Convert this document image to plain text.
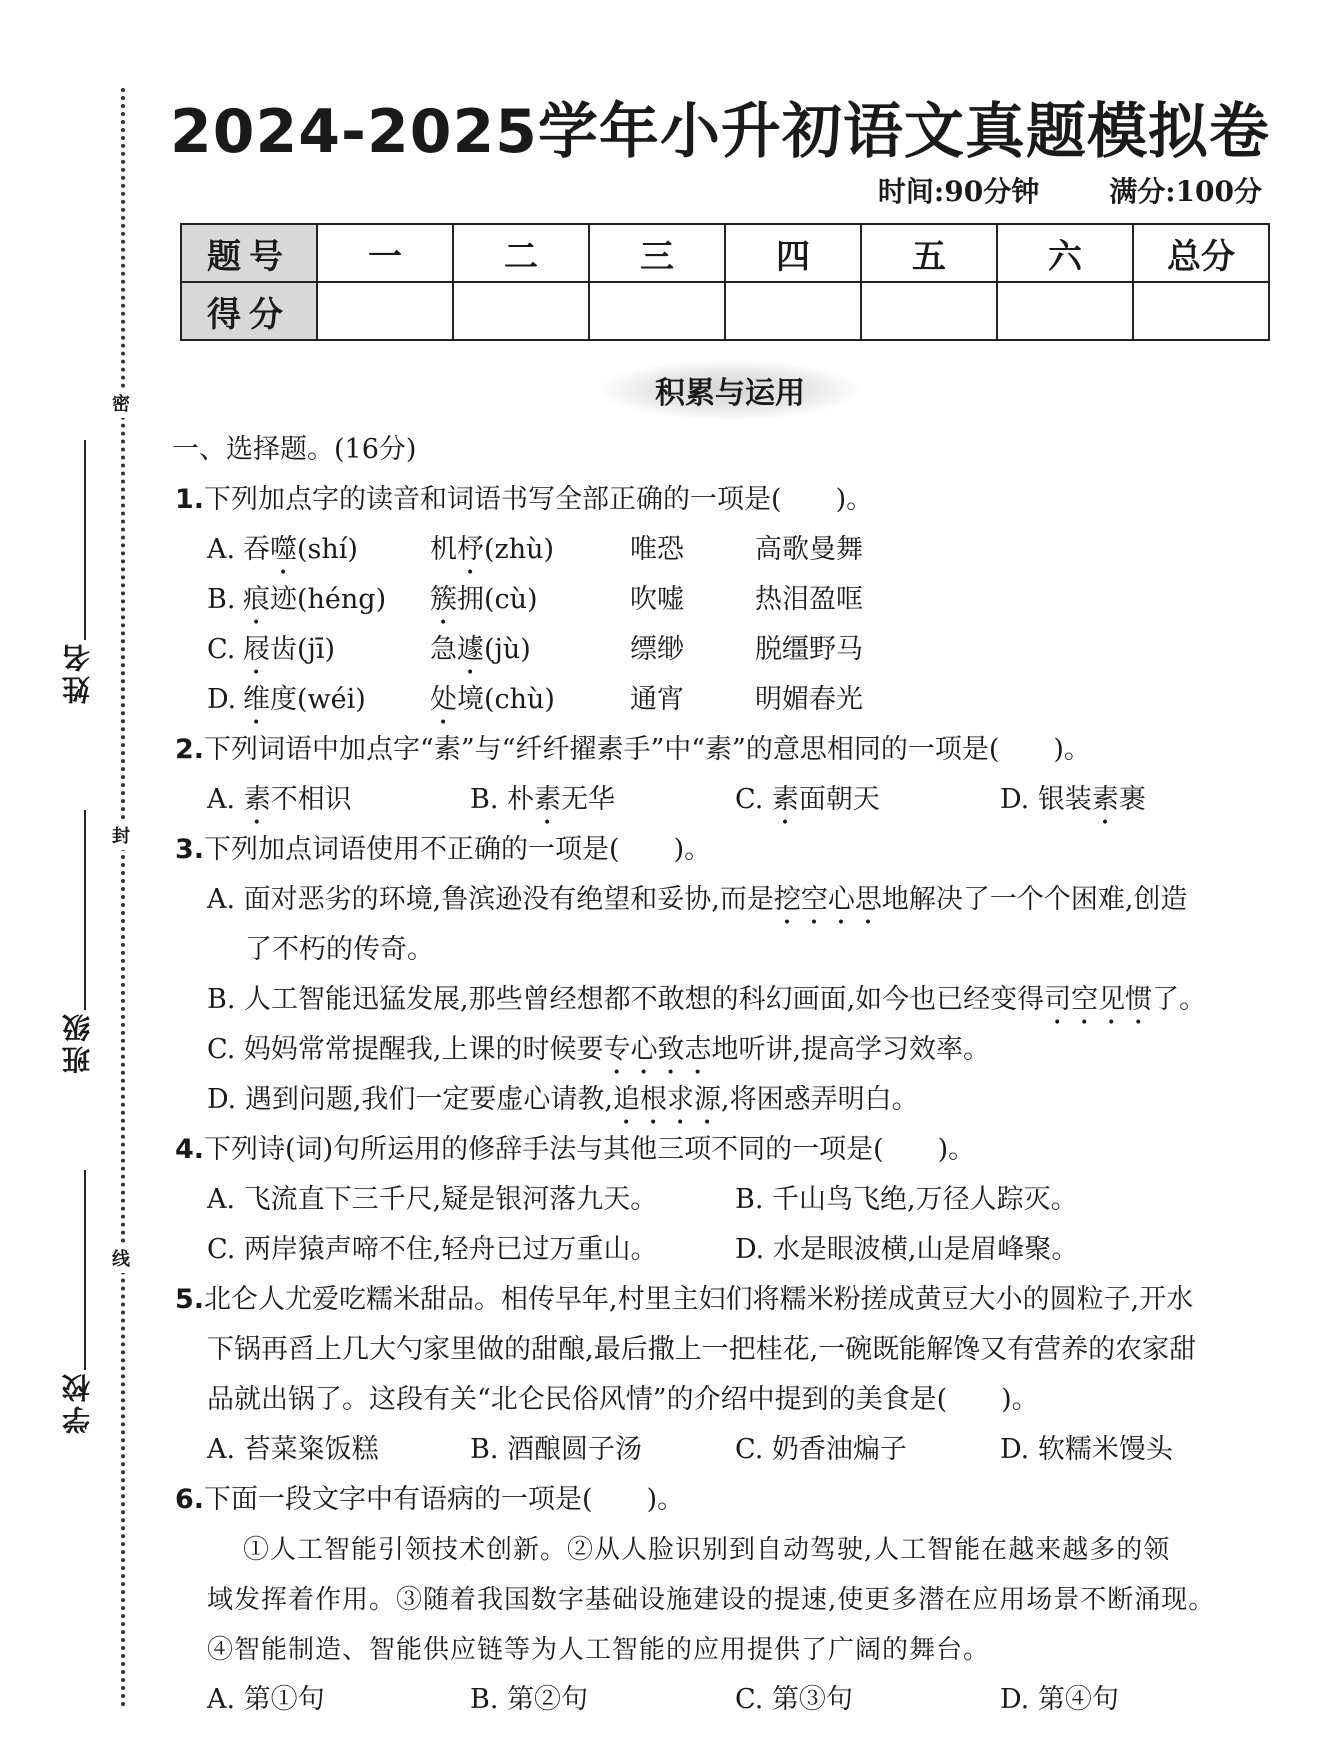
密
封
线
姓名
班级
学校
2024-2025学年小升初语文真题模拟卷
时间:90分钟	满分:100分
题号	一	二	三	四	五	六	总分
得分							
积累与运用
一、选择题。(16分)
1.下列加点字的读音和词语书写全部正确的一项是(　　)。
A. 吞噬(shí)	机杼(zhù)	唯恐	高歌曼舞
B. 痕迹(héng) 簇拥(cù)	吹嘘	热泪盈哐
C. 屐齿(jī)	急遽(jù)	缥缈	脱缰野马
D. 维度(wéi) 处境(chù)	通宵	明媚春光
2.下列词语中加点字“素”与“纤纤擢素手”中“素”的意思相同的一项是(　　)。
A. 素不相识	B. 朴素无华	C. 素面朝天	D. 银装素裹
3.下列加点词语使用不正确的一项是(　　)。
A. 面对恶劣的环境,鲁滨逊没有绝望和妥协,而是挖空心思地解决了一个个困难,创造
了不朽的传奇。
B. 人工智能迅猛发展,那些曾经想都不敢想的科幻画面,如今也已经变得司空见惯了。
C. 妈妈常常提醒我,上课的时候要专心致志地听讲,提高学习效率。
D. 遇到问题,我们一定要虚心请教,追根求源,将困惑弄明白。
4.下列诗(词)句所运用的修辞手法与其他三项不同的一项是(　　)。
A. 飞流直下三千尺,疑是银河落九天。	B. 千山鸟飞绝,万径人踪灭。
C. 两岸猿声啼不住,轻舟已过万重山。	D. 水是眼波横,山是眉峰聚。
5.北仑人尤爱吃糯米甜品。相传早年,村里主妇们将糯米粉搓成黄豆大小的圆粒子,开水
下锅再舀上几大勺家里做的甜酿,最后撒上一把桂花,一碗既能解馋又有营养的农家甜
品就出锅了。这段有关“北仑民俗风情”的介绍中提到的美食是(　　)。
A. 苔菜粢饭糕	B. 酒酿圆子汤	C. 奶香油煸子	D. 软糯米馒头
6.下面一段文字中有语病的一项是(　　)。
①人工智能引领技术创新。②从人脸识别到自动驾驶,人工智能在越来越多的领
域发挥着作用。③随着我国数字基础设施建设的提速,使更多潜在应用场景不断涌现。
④智能制造、智能供应链等为人工智能的应用提供了广阔的舞台。
A. 第①句	B. 第②句	C. 第③句	D. 第④句
